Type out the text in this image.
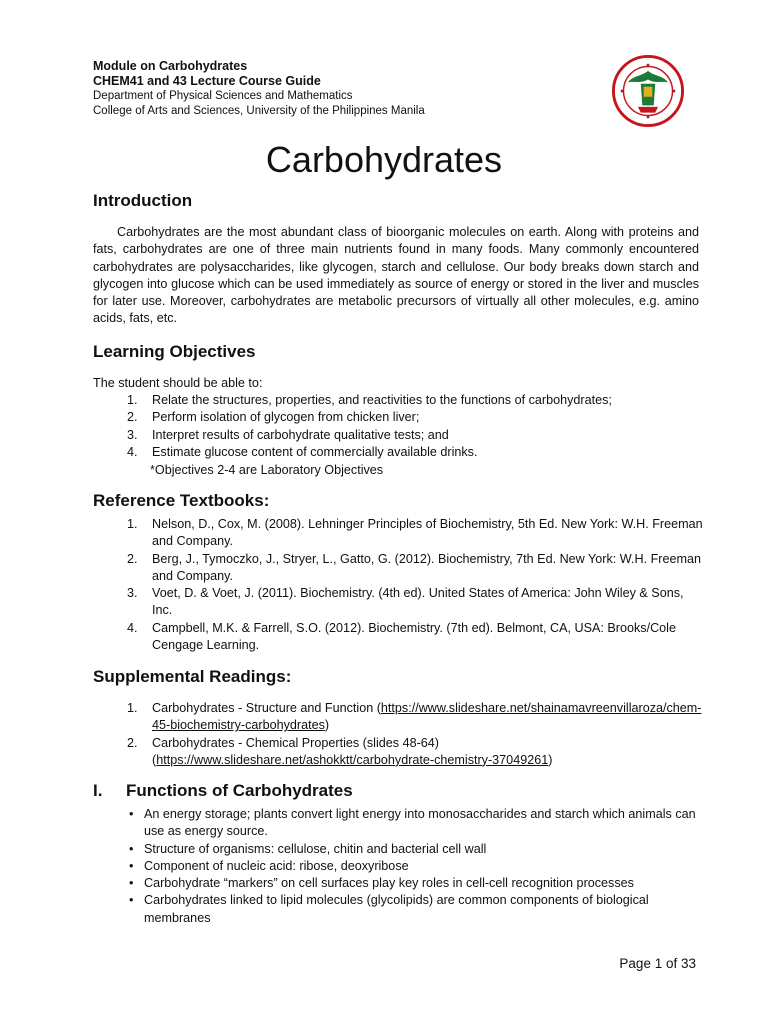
Module on Carbohydrates
CHEM41 and 43 Lecture Course Guide
Department of Physical Sciences and Mathematics
College of Arts and Sciences, University of the Philippines Manila
Carbohydrates
Introduction
Carbohydrates are the most abundant class of bioorganic molecules on earth. Along with proteins and fats, carbohydrates are one of three main nutrients found in many foods. Many commonly encountered carbohydrates are polysaccharides, like glycogen, starch and cellulose. Our body breaks down starch and glycogen into glucose which can be used immediately as source of energy or stored in the liver and muscles for later use. Moreover, carbohydrates are metabolic precursors of virtually all other molecules, e.g. amino acids, fats, etc.
Learning Objectives
The student should be able to:
1. Relate the structures, properties, and reactivities to the functions of carbohydrates;
2. Perform isolation of glycogen from chicken liver;
3. Interpret results of carbohydrate qualitative tests; and
4. Estimate glucose content of commercially available drinks.
*Objectives 2-4 are Laboratory Objectives
Reference Textbooks:
1. Nelson, D., Cox, M. (2008). Lehninger Principles of Biochemistry, 5th Ed. New York: W.H. Freeman and Company.
2. Berg, J., Tymoczko, J., Stryer, L., Gatto, G. (2012). Biochemistry, 7th Ed. New York: W.H. Freeman and Company.
3. Voet, D. & Voet, J. (2011). Biochemistry. (4th ed). United States of America: John Wiley & Sons, Inc.
4. Campbell, M.K. & Farrell, S.O. (2012). Biochemistry. (7th ed). Belmont, CA, USA: Brooks/Cole Cengage Learning.
Supplemental Readings:
1. Carbohydrates - Structure and Function (https://www.slideshare.net/shainamavreenvillaroza/chem-45-biochemistry-carbohydrates)
2. Carbohydrates - Chemical Properties (slides 48-64) (https://www.slideshare.net/ashokktt/carbohydrate-chemistry-37049261)
I. Functions of Carbohydrates
• An energy storage; plants convert light energy into monosaccharides and starch which animals can use as energy source.
• Structure of organisms: cellulose, chitin and bacterial cell wall
• Component of nucleic acid: ribose, deoxyribose
• Carbohydrate “markers” on cell surfaces play key roles in cell-cell recognition processes
• Carbohydrates linked to lipid molecules (glycolipids) are common components of biological membranes
Page 1 of 33
